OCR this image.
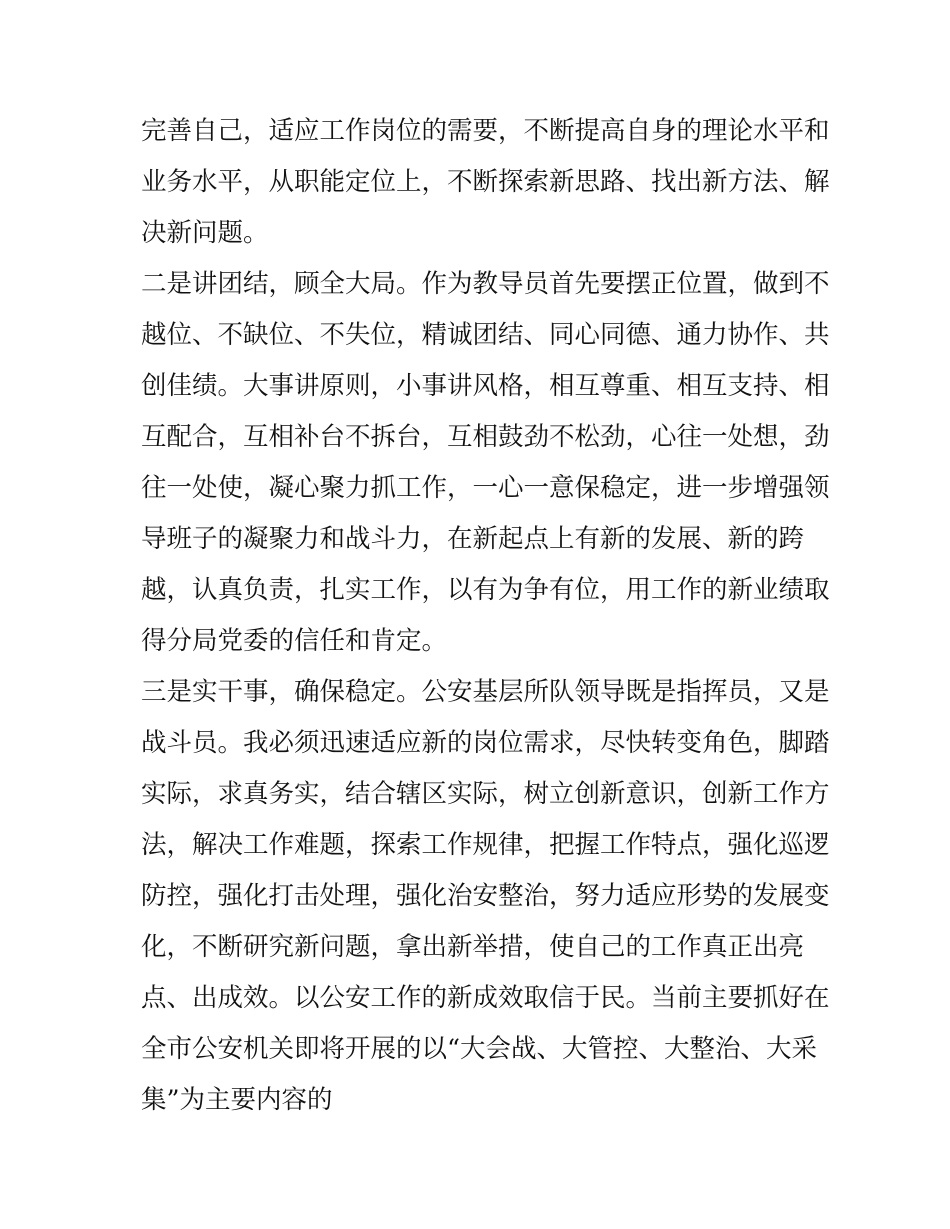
完善自己，适应工作岗位的需要，不断提高自身的理论水平和
业务水平，从职能定位上，不断探索新思路、找出新方法、解
决新问题。
二是讲团结，顾全大局。作为教导员首先要摆正位置，做到不
越位、不缺位、不失位，精诚团结、同心同德、通力协作、共
创佳绩。大事讲原则，小事讲风格，相互尊重、相互支持、相
互配合，互相补台不拆台，互相鼓劲不松劲，心往一处想，劲
往一处使，凝心聚力抓工作，一心一意保稳定，进一步增强领
导班子的凝聚力和战斗力，在新起点上有新的发展、新的跨
越，认真负责，扎实工作，以有为争有位，用工作的新业绩取
得分局党委的信任和肯定。
三是实干事，确保稳定。公安基层所队领导既是指挥员，又是
战斗员。我必须迅速适应新的岗位需求，尽快转变角色，脚踏
实际，求真务实，结合辖区实际，树立创新意识，创新工作方
法，解决工作难题，探索工作规律，把握工作特点，强化巡逻
防控，强化打击处理，强化治安整治，努力适应形势的发展变
化，不断研究新问题，拿出新举措，使自己的工作真正出亮
点、出成效。以公安工作的新成效取信于民。当前主要抓好在
全市公安机关即将开展的以“大会战、大管控、大整治、大采
集”为主要内容的
